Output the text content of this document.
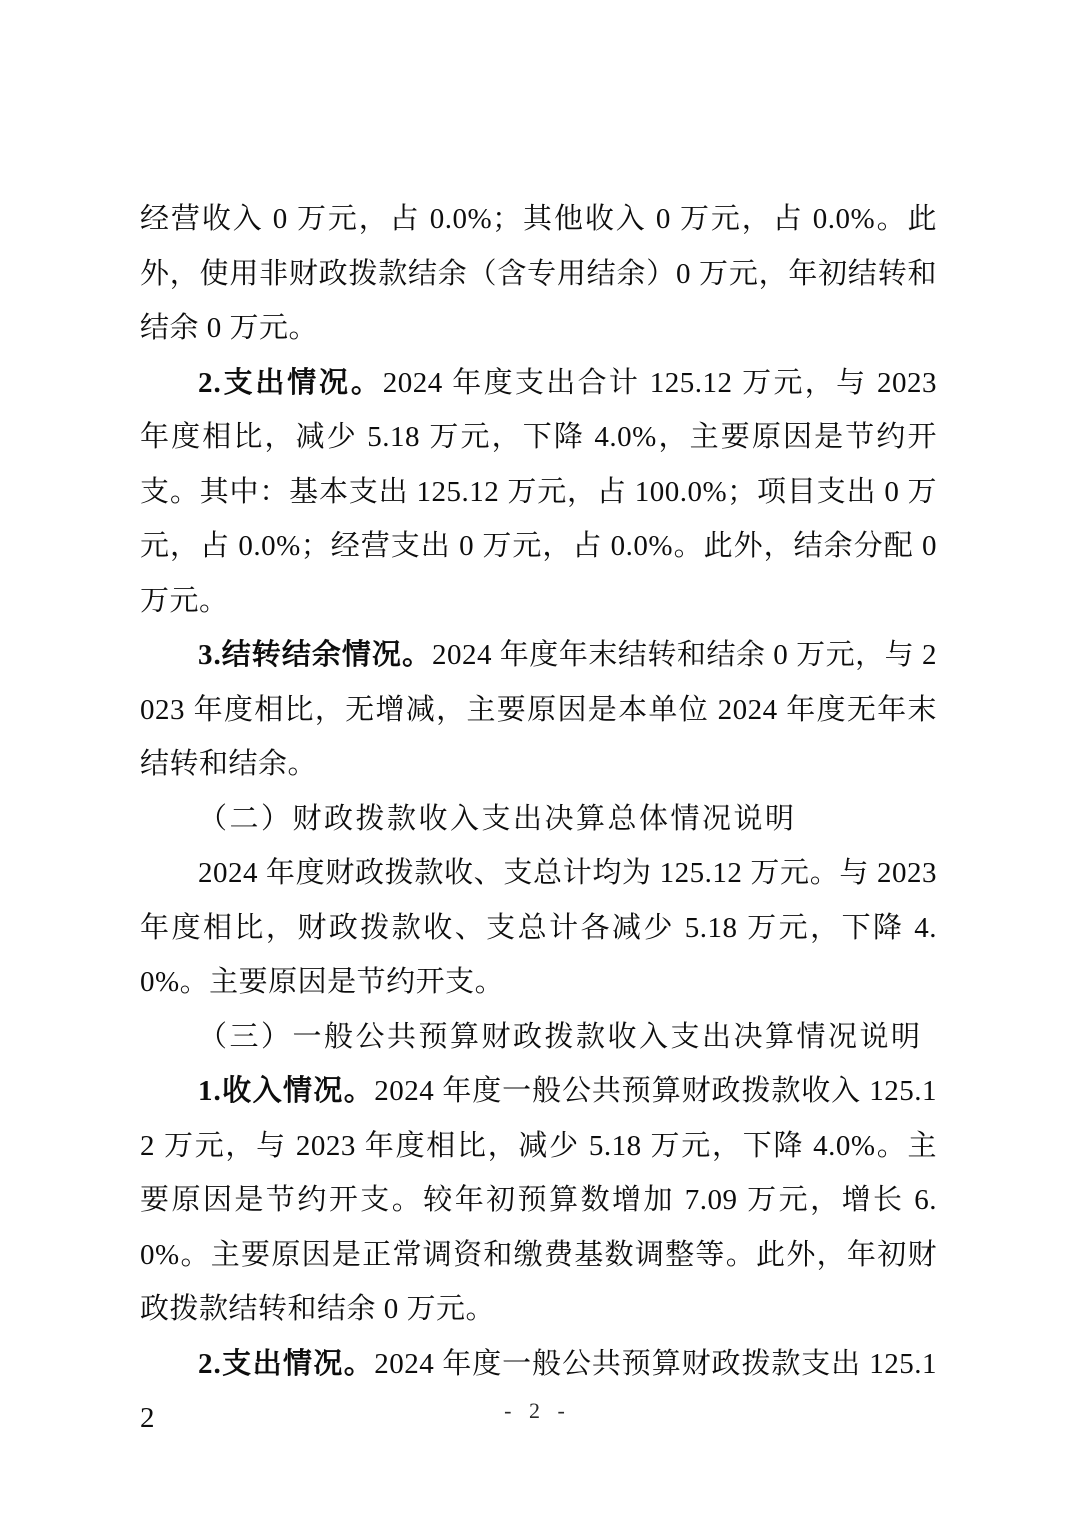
经营收入 0 万元，占 0.0%；其他收入 0 万元，占 0.0%。此外，使用非财政拨款结余（含专用结余）0 万元，年初结转和结余 0 万元。

2.支出情况。2024 年度支出合计 125.12 万元，与 2023 年度相比，减少 5.18 万元，下降 4.0%，主要原因是节约开支。其中：基本支出 125.12 万元，占 100.0%；项目支出 0 万元，占 0.0%；经营支出 0 万元，占 0.0%。此外，结余分配 0 万元。

3.结转结余情况。2024 年度年末结转和结余 0 万元，与 2023 年度相比，无增减，主要原因是本单位 2024 年度无年末结转和结余。

（二）财政拨款收入支出决算总体情况说明

2024 年度财政拨款收、支总计均为 125.12 万元。与 2023 年度相比，财政拨款收、支总计各减少 5.18 万元，下降 4.0%。主要原因是节约开支。

（三）一般公共预算财政拨款收入支出决算情况说明

1.收入情况。2024 年度一般公共预算财政拨款收入 125.12 万元，与 2023 年度相比，减少 5.18 万元，下降 4.0%。主要原因是节约开支。较年初预算数增加 7.09 万元，增长 6.0%。主要原因是正常调资和缴费基数调整等。此外，年初财政拨款结转和结余 0 万元。

2.支出情况。2024 年度一般公共预算财政拨款支出 125.12	- 2 -
